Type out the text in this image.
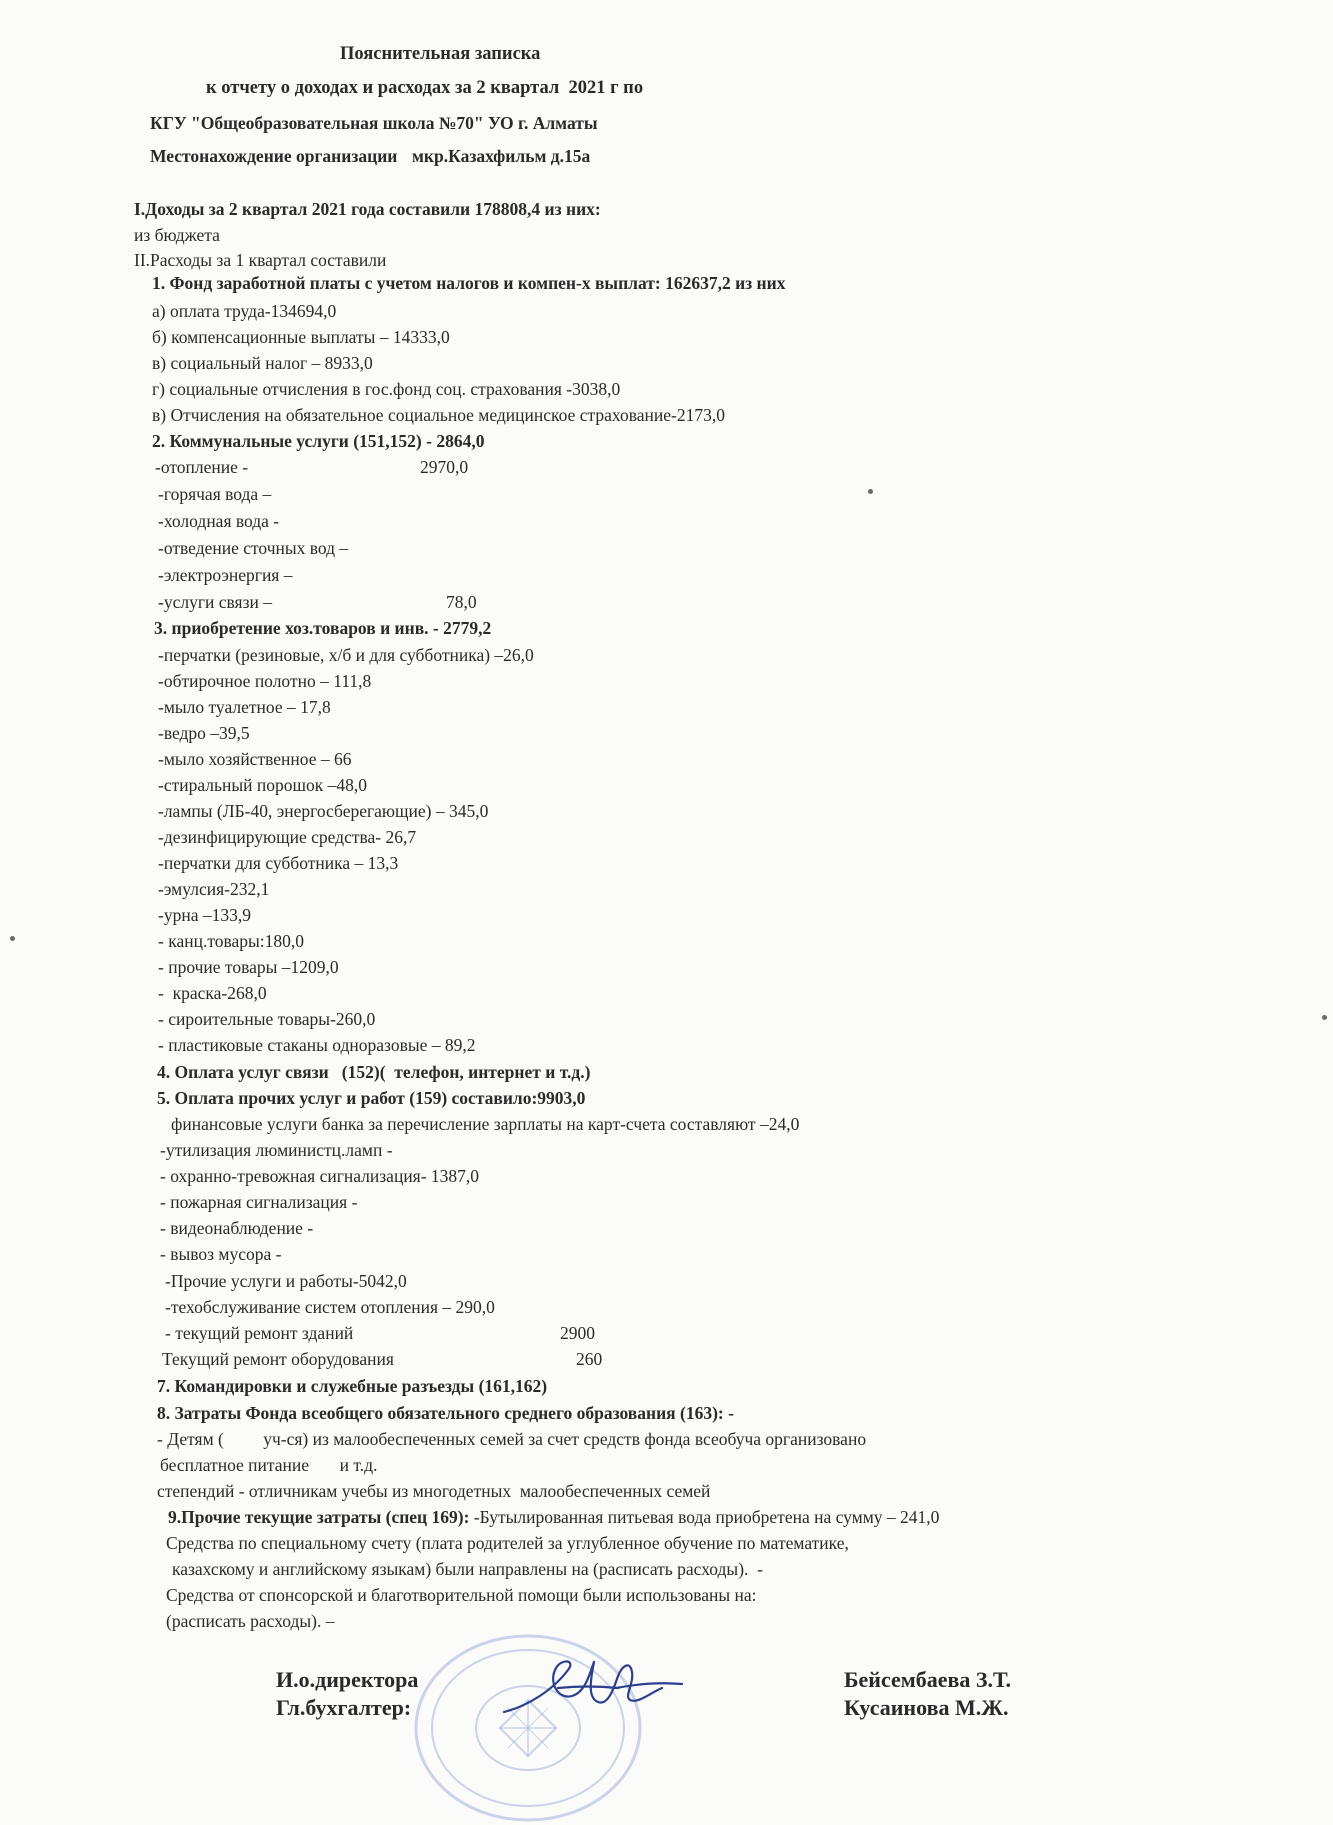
Пояснительная записка
к отчету о доходах и расходах за 2 квартал  2021 г по
КГУ "Общеобразовательная школа №70" УО г. Алматы
Местонахождение организации мкр.Казахфильм д.15а
I.Доходы за 2 квартал 2021 года составили 178808,4 из них:
из бюджета
II.Расходы за 1 квартал составили
1. Фонд заработной платы с учетом налогов и компен-х выплат: 162637,2 из них
а) оплата труда-134694,0
б) компенсационные выплаты – 14333,0
в) социальный налог – 8933,0
г) социальные отчисления в гос.фонд соц. страхования -3038,0
в) Отчисления на обязательное социальное медицинское страхование-2173,0
2. Коммунальные услуги (151,152) - 2864,0
-отопление -	2970,0
-горячая вода –
-холодная вода -
-отведение сточных вод –
-электроэнергия –
-услуги связи –	78,0
3. приобретение хоз.товаров и инв. - 2779,2
-перчатки (резиновые, х/б и для субботника) –26,0
-обтирочное полотно – 111,8
-мыло туалетное – 17,8
-ведро –39,5
-мыло хозяйственное – 66
-стиральный порошок –48,0
-лампы (ЛБ-40, энергосберегающие) – 345,0
-дезинфицирующие средства- 26,7
-перчатки для субботника – 13,3
-эмулсия-232,1
-урна –133,9
- канц.товары:180,0
- прочие товары –1209,0
-  краска-268,0
- сироительные товары-260,0
- пластиковые стаканы одноразовые – 89,2
4. Оплата услуг связи   (152)(  телефон, интернет и т.д.)
5. Оплата прочих услуг и работ (159) составило:9903,0
финансовые услуги банка за перечисление зарплаты на карт-счета составляют –24,0
-утилизация люминистц.ламп -
- охранно-тревожная сигнализация- 1387,0
- пожарная сигнализация -
- видеонаблюдение -
- вывоз мусора -
-Прочие услуги и работы-5042,0
-техобслуживание систем отопления – 290,0
- текущий ремонт зданий	2900
Текущий ремонт оборудования	260
7. Командировки и служебные разъезды (161,162)
8. Затраты Фонда всеобщего обязательного среднего образования (163): -
- Детям (         уч-ся) из малообеспеченных семей за счет средств фонда всеобуча организовано
бесплатное питание       и т.д.
степендий - отличникам учебы из многодетных  малообеспеченных семей
9.Прочие текущие затраты (спец 169): -Бутылированная питьевая вода приобретена на сумму – 241,0
Средства по специальному счету (плата родителей за углубленное обучение по математике,
казахскому и английскому языкам) были направлены на (расписать расходы).  -
Средства от спонсорской и благотворительной помощи были использованы на:
(расписать расходы). –
И.о.директора
Гл.бухгалтер:
Бейсембаева З.Т.
Кусаинова М.Ж.
